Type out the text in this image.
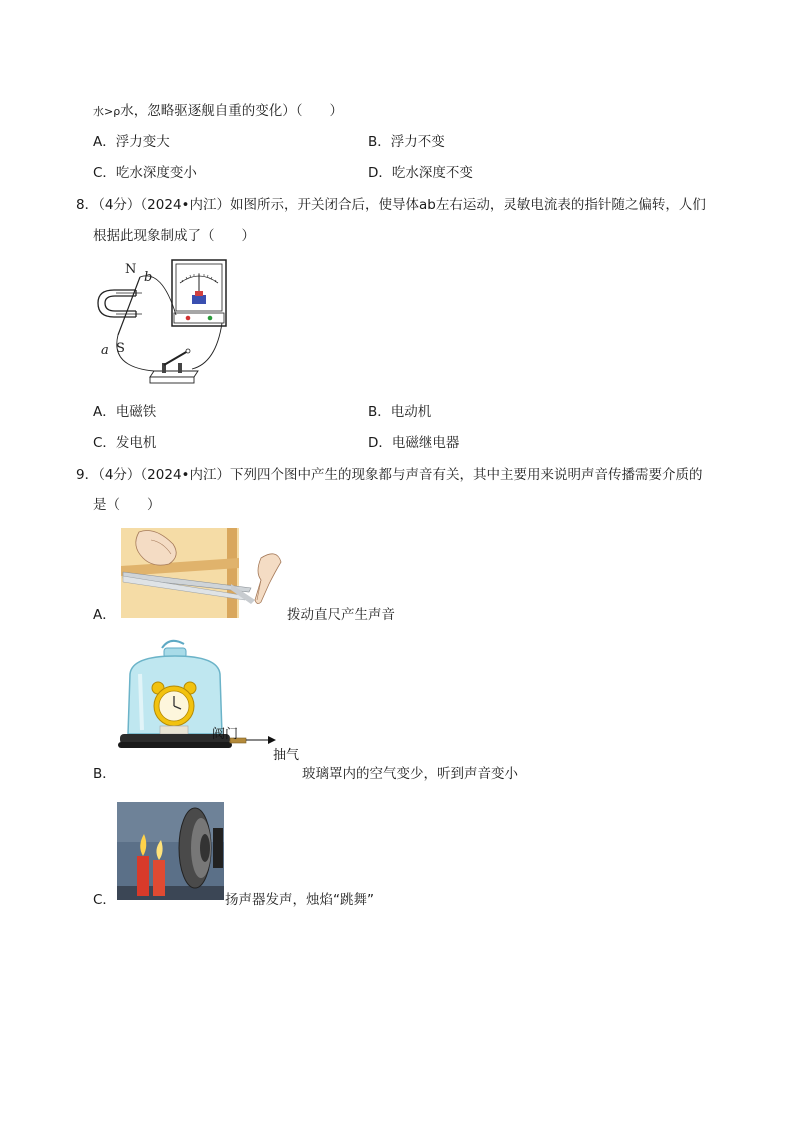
水>ρ水，忽略驱逐舰自重的变化）（　　）
A．浮力变大	B．浮力不变
C．吃水深度变小	D．吃水深度不变
8．（4分）（2024•内江）如图所示，开关闭合后，使导体ab左右运动，灵敏电流表的指针随之偏转，人们
根据此现象制成了（　　）
N
b
S
a
A．电磁铁	B．电动机
C．发电机	D．电磁继电器
9．（4分）（2024•内江）下列四个图中产生的现象都与声音有关，其中主要用来说明声音传播需要介质的
是（　　）
A．	拨动直尺产生声音
B．
阀门
抽气
玻璃罩内的空气变少，听到声音变小
C．	扬声器发声，烛焰“跳舞”
